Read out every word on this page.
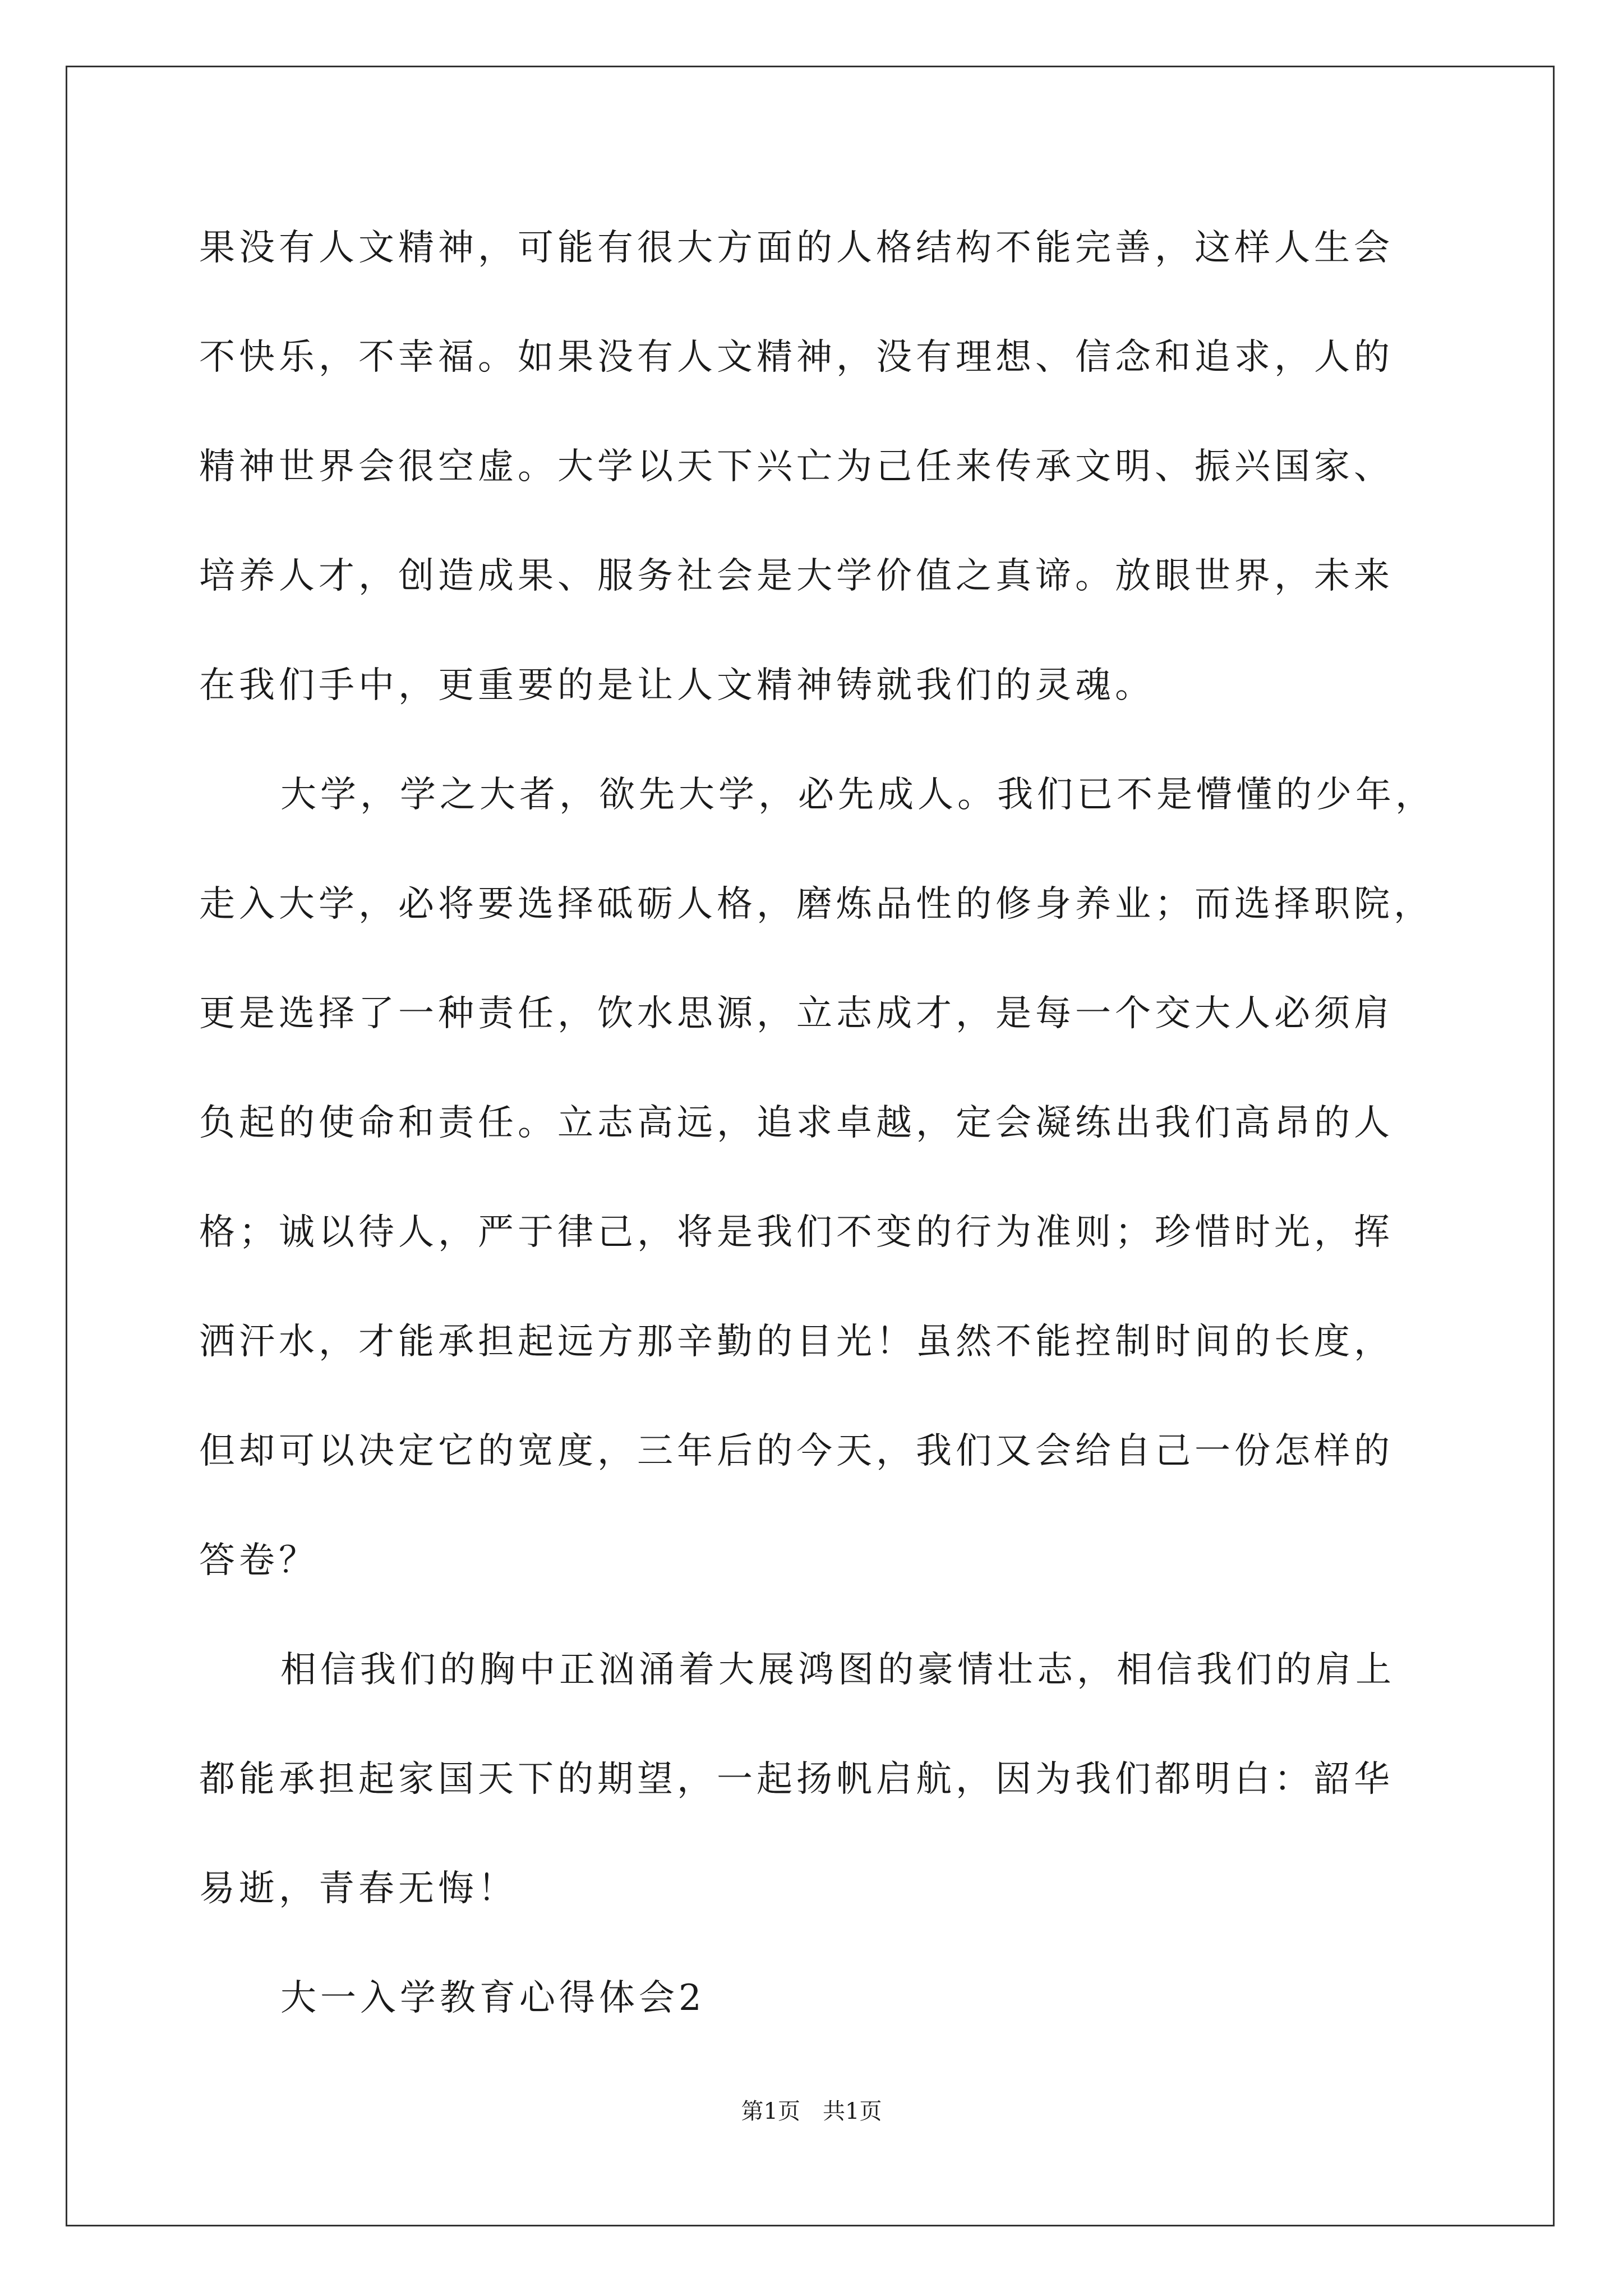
果没有人文精神，可能有很大方面的人格结构不能完善，这样人生会
不快乐，不幸福。如果没有人文精神，没有理想、信念和追求，人的
精神世界会很空虚。大学以天下兴亡为己任来传承文明、振兴国家、
培养人才，创造成果、服务社会是大学价值之真谛。放眼世界，未来
在我们手中，更重要的是让人文精神铸就我们的灵魂。
大学，学之大者，欲先大学，必先成人。我们已不是懵懂的少年，
走入大学，必将要选择砥砺人格，磨炼品性的修身养业；而选择职院，
更是选择了一种责任，饮水思源，立志成才，是每一个交大人必须肩
负起的使命和责任。立志高远，追求卓越，定会凝练出我们高昂的人
格；诚以待人，严于律己，将是我们不变的行为准则；珍惜时光，挥
洒汗水，才能承担起远方那辛勤的目光！虽然不能控制时间的长度，
但却可以决定它的宽度，三年后的今天，我们又会给自己一份怎样的
答卷？
相信我们的胸中正汹涌着大展鸿图的豪情壮志，相信我们的肩上
都能承担起家国天下的期望，一起扬帆启航，因为我们都明白：韶华
易逝，青春无悔！
大一入学教育心得体会2
第1页　共1页
